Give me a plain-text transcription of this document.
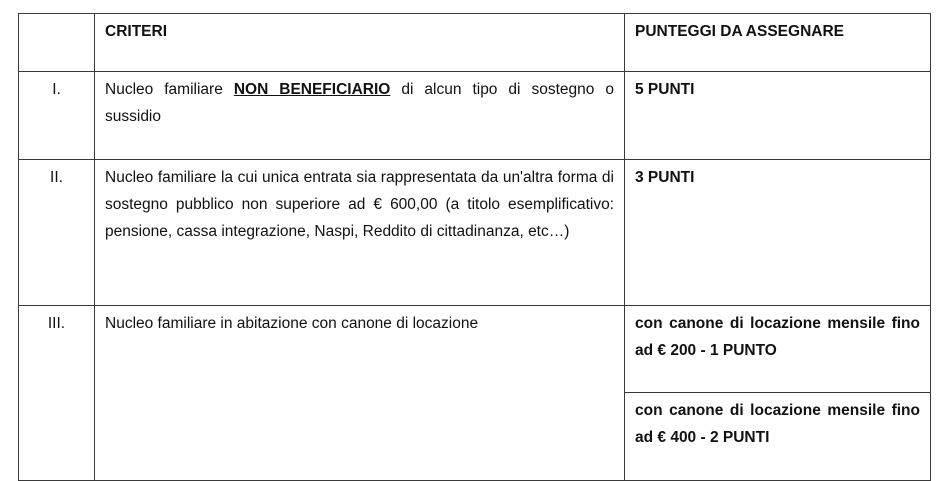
	CRITERI	PUNTEGGI DA ASSEGNARE
I.	Nucleo familiare NON BENEFICIARIO di alcun tipo di sostegno o sussidio	5 PUNTI
II.	Nucleo familiare la cui unica entrata sia rappresentata da un'altra forma di sostegno pubblico non superiore ad € 600,00 (a titolo esemplificativo: pensione, cassa integrazione, Naspi, Reddito di cittadinanza, etc…)	3 PUNTI
III.	Nucleo familiare in abitazione con canone di locazione	con canone di locazione mensile fino ad € 200 - 1 PUNTO
		con canone di locazione mensile fino ad € 400 - 2 PUNTI
